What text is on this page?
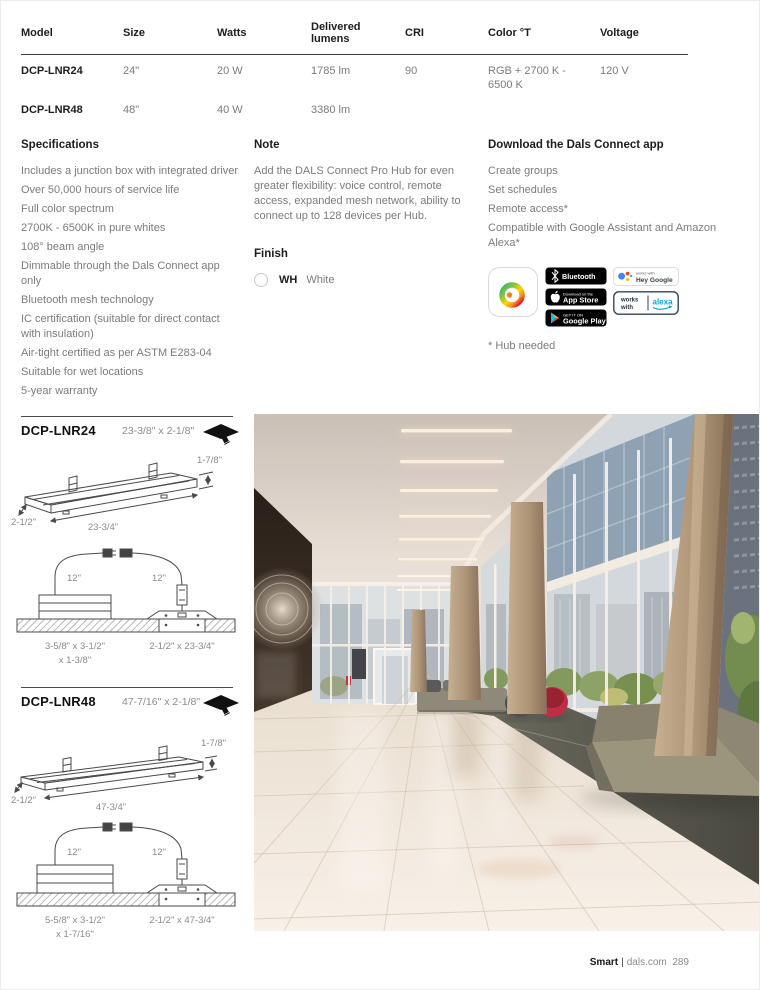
Model	Size	Watts	Delivered lumens	CRI	Color °T	Voltage
DCP-LNR24	24"	20 W	1785 lm	90	RGB + 2700 K - 6500 K	120 V
DCP-LNR48	48"	40 W	3380 lm			
Specifications
Includes a junction box with integrated driver
Over 50,000 hours of service life
Full color spectrum
2700K - 6500K in pure whites
108° beam angle
Dimmable through the Dals Connect app only
Bluetooth mesh technology
IC certification (suitable for direct contact with insulation)
Air-tight certified as per ASTM E283-04
Suitable for wet locations
5-year warranty
Note
Add the DALS Connect Pro Hub for even greater flexibility: voice control, remote access, expanded mesh network, ability to connect up to 128 devices per Hub.
Finish
WH White
Download the Dals Connect app
Create groups
Set schedules
Remote access*
Compatible with Google Assistant and Amazon Alexa*
Bluetooth
Download on the
App Store
GET IT ON
Google Play
works with
Hey Google
works
with
alexa
* Hub needed
DCP-LNR24 23-3/8" x 2-1/8"
1-7/8"
2-1/2"	23-3/4"
12"	12"
3-5/8" x 3-1/2"
x 1-3/8"
2-1/2" x 23-3/4"
DCP-LNR48 47-7/16" x 2-1/8"
1-7/8"
2-1/2"
47-3/4"
12"	12"
5-5/8" x 3-1/2"
x 1-7/16"
2-1/2" x 47-3/4"
Smart | dals.com 289
